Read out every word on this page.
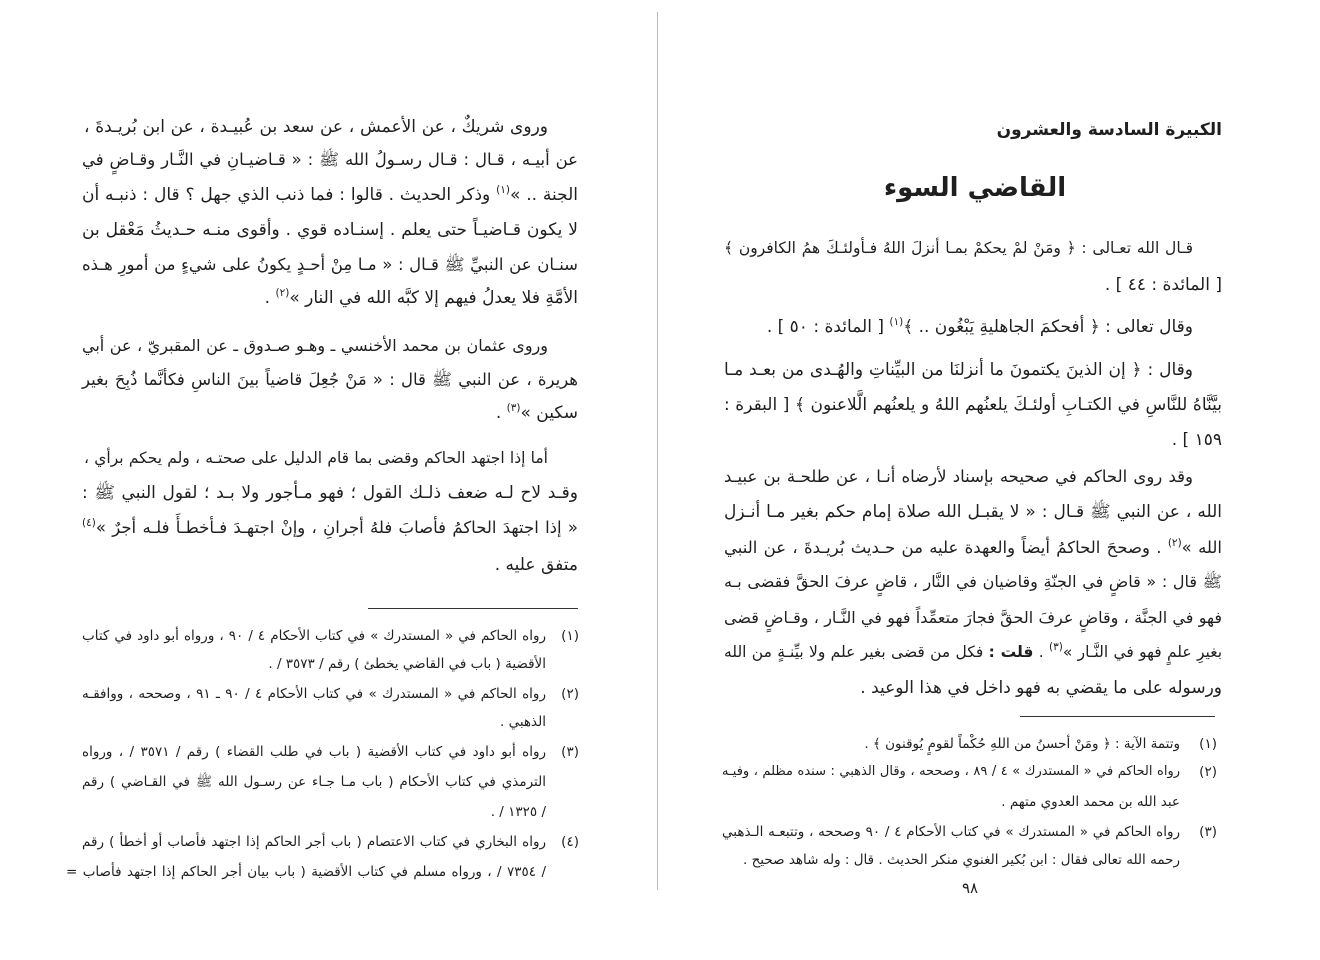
وروى شريكٌ ، عن الأعمش ، عن سعد بن عُبيـدة ، عن ابن بُريـدةَ ،
عن أبيـه ، قـال : قـال رسـولُ الله ﷺ : « قـاضيـانِ في النَّـار وقـاضٍ في
الجنة .. »$^{(١)}$ وذكر الحديث . قالوا : فما ذنب الذي جهل ؟ قال : ذنبـه أن
لا يكون قـاضيـاً حتى يعلم . إسنـاده قوي . وأقوى منـه حـديثُ مَعْقل بن
سنـان عن النبيِّ ﷺ قـال : « مـا مِنْ أحـدٍ يكونُ على شيءٍ من أمورِ هـذه
الأمَّةِ فلا يعدلُ فيهم إلا كبَّه الله في النار »$^{(٢)}$ .
وروى عثمان بن محمد الأخنسي ـ وهـو صـدوق ـ عن المقبريّ ، عن أبي
هريرة ، عن النبي ﷺ قال : « مَنْ جُعِلَ قاضياً بينَ الناسِ فكأنَّما ذُبِحَ بغير
سكين »$^{(٣)}$ .
أما إذا اجتهد الحاكم وقضى بما قام الدليل على صحتـه ، ولم يحكم برأي ،
وقـد لاح لـه ضعف ذلـك القول ؛ فهو مـأجور ولا بـد ؛ لقول النبي ﷺ :
« إذا اجتهدَ الحاكمُ فأصابَ فلهُ أجرانِ ، وإنْ اجتهـدَ فـأخطـأَ فلـه أجرٌ »$^{(٤)}$
متفق عليه .
(١)
رواه الحاكم في « المستدرك » في كتاب الأحكام ٤ / ٩٠ ، ورواه أبو داود في كتاب
الأقضية ( باب في القاضي يخطئ ) رقم / ٣٥٧٣ / .
(٢)
رواه الحاكم في « المستدرك » في كتاب الأحكام ٤ / ٩٠ ـ ٩١ ، وصححه ، ووافقـه
الذهبي .
(٣)
رواه أبو داود في كتاب الأقضية ( باب في طلب القضاء ) رقم / ٣٥٧١ / ، ورواه
الترمذي في كتاب الأحكام ( باب مـا جـاء عن رسـول الله ﷺ في القـاضي ) رقم
/ ١٣٢٥ / .
(٤)
رواه البخاري في كتاب الاعتصام ( باب أجر الحاكم إذا اجتهد فأصاب أو أخطأ ) رقم
/ ٧٣٥٤ / ، ورواه مسلم في كتاب الأقضية ( باب بيان أجر الحاكم إذا اجتهد فأصاب =
الكبيرة السادسة والعشرون
القاضي السوء
قـال الله تعـالى : ﴿ ومَنْ لمْ يحكمْ بمـا أنزلَ اللهُ فـأولئـكَ همُ الكافرون ﴾
[ المائدة : ٤٤ ] .
وقال تعالى : ﴿ أفحكمَ الجاهليةِ يَبْغُون .. ﴾$^{(١)}$ [ المائدة : ٥٠ ] .
وقال : ﴿ إن الذينَ يكتمونَ ما أنزلنَا من البيِّناتِ والهُـدى من بعـد مـا
بيَّنَّاهُ للنَّاسِ في الكتـابِ أولئـكَ يلعنُهم اللهُ و يلعنُهم الَّلاعنون ﴾ [ البقرة :
١٥٩ ] .
وقد روى الحاكم في صحيحه بإسناد لأرضاه أنـا ، عن طلحـة بن عبيـد
الله ، عن النبي ﷺ قـال : « لا يقبـل الله صلاة إمام حكم بغير مـا أنـزل
الله »$^{(٢)}$ . وصححَ الحاكمُ أيضاً والعهدة عليه من حـديث بُريـدةَ ، عن النبي
ﷺ قال : « قاضٍ في الجنّةِ وقاضيان في النَّار ، قاضٍ عرفَ الحقَّ فقضى بـه
فهو في الجنَّة ، وقاضٍ عرفَ الحقَّ فجارَ متعمِّداً فهو في النَّـار ، وقـاضٍ قضى
بغيرِ علمٍ فهو في النَّـار »$^{(٣)}$ . قلت : فكل من قضى بغير علم ولا بيِّنـةٍ من الله
ورسوله على ما يقضي به فهو داخل في هذا الوعيد .
(١)
وتتمة الآية : ﴿ ومَنْ أحسنُ من اللهِ حُكْماً لقومٍ يُوقنون ﴾ .
(٢)
رواه الحاكم في « المستدرك » ٤ / ٨٩ ، وصححه ، وقال الذهبي : سنده مظلم ، وفيـه
عبد الله بن محمد العدوي متهم .
(٣)
رواه الحاكم في « المستدرك » في كتاب الأحكام ٤ / ٩٠ وصححه ، وتتبعـه الـذهبي
رحمه الله تعالى فقال : ابن بُكير الغنوي منكر الحديث . قال : وله شاهد صحيح .
٩٨
